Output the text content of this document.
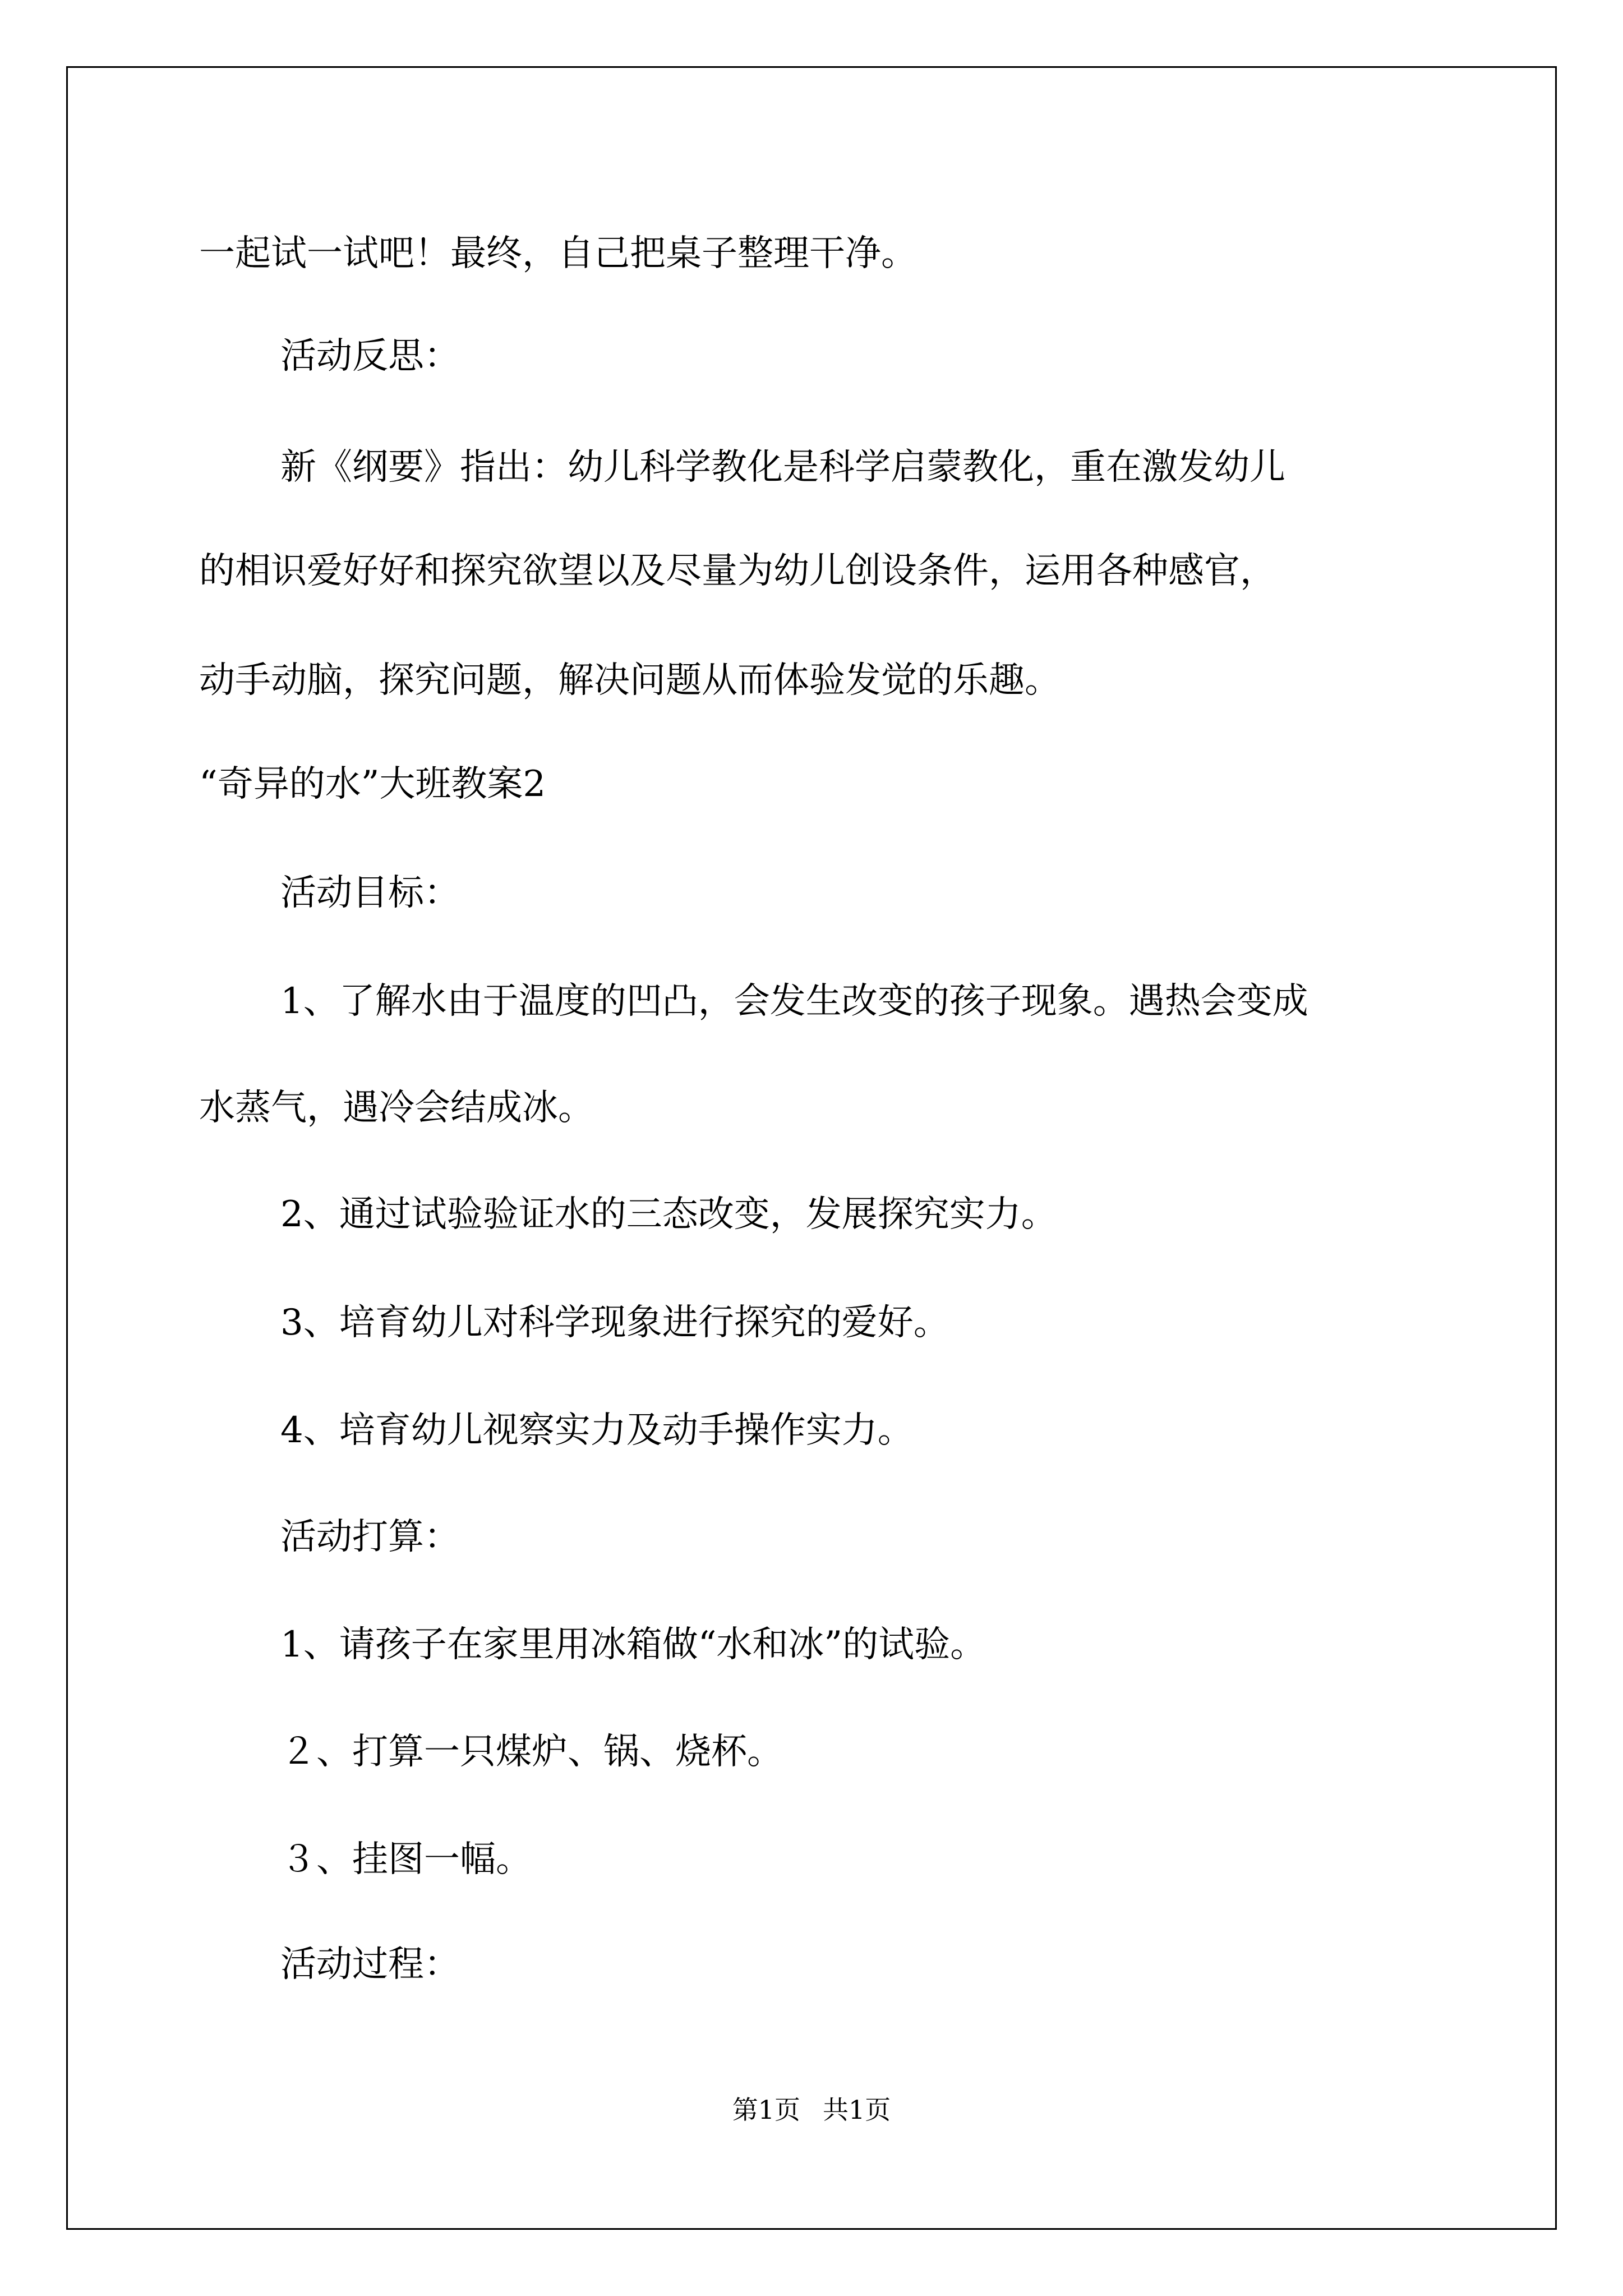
一起试一试吧！最终，自己把桌子整理干净。
活动反思：
新《纲要》指出：幼儿科学教化是科学启蒙教化，重在激发幼儿
的相识爱好好和探究欲望以及尽量为幼儿创设条件，运用各种感官，
动手动脑，探究问题，解决问题从而体验发觉的乐趣。
“奇异的水”大班教案2
活动目标：
1、了解水由于温度的凹凸，会发生改变的孩子现象。遇热会变成
水蒸气，遇冷会结成冰。
2、通过试验验证水的三态改变，发展探究实力。
3、培育幼儿对科学现象进行探究的爱好。
4、培育幼儿视察实力及动手操作实力。
活动打算：
1、请孩子在家里用冰箱做“水和冰”的试验。
２、打算一只煤炉、锅、烧杯。
３、挂图一幅。
活动过程：
第1页 共1页
